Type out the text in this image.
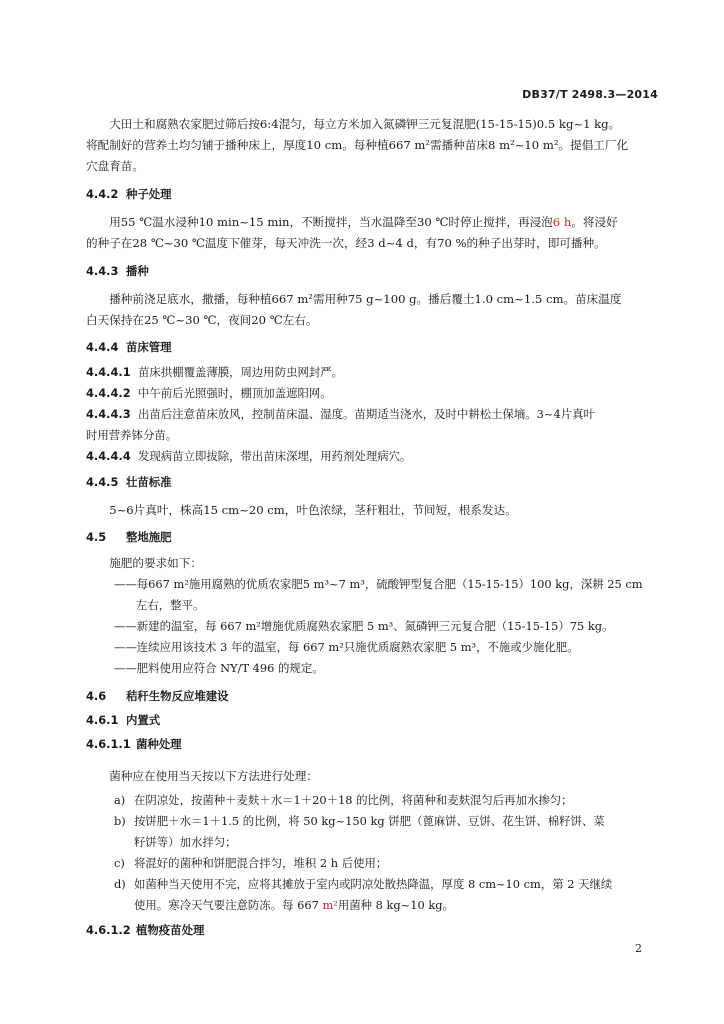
DB37/T 2498.3—2014
大田土和腐熟农家肥过筛后按6:4混匀，每立方米加入氮磷钾三元复混肥(15-15-15)0.5 kg~1 kg。
将配制好的营养土均匀铺于播种床上，厚度10 cm。每种植667 m²需播种苗床8 m²~10 m²。提倡工厂化
穴盘育苗。
4.4.2 种子处理
用55 ℃温水浸种10 min~15 min，不断搅拌，当水温降至30 ℃时停止搅拌，再浸泡6 h。将浸好
的种子在28 ℃~30 ℃温度下催芽，每天冲洗一次，经3 d~4 d，有70 %的种子出芽时，即可播种。
4.4.3 播种
播种前浇足底水，撒播，每种植667 m²需用种75 g~100 g。播后覆土1.0 cm~1.5 cm。苗床温度
白天保持在25 ℃~30 ℃，夜间20 ℃左右。
4.4.4 苗床管理
4.4.4.1 苗床拱棚覆盖薄膜，周边用防虫网封严。
4.4.4.2 中午前后光照强时，棚顶加盖遮阳网。
4.4.4.3 出苗后注意苗床放风，控制苗床温、湿度。苗期适当浇水，及时中耕松土保墒。3~4片真叶
时用营养钵分苗。
4.4.4.4 发现病苗立即拔除，带出苗床深埋，用药剂处理病穴。
4.4.5 壮苗标准
5~6片真叶，株高15 cm~20 cm，叶色浓绿，茎秆粗壮，节间短，根系发达。
4.5 整地施肥
施肥的要求如下：
——每667 m²施用腐熟的优质农家肥5 m³~7 m³，硫酸钾型复合肥（15-15-15）100 kg，深耕 25 cm
左右，整平。
——新建的温室，每 667 m²增施优质腐熟农家肥 5 m³、氮磷钾三元复合肥（15-15-15）75 kg。
——连续应用该技术 3 年的温室，每 667 m²只施优质腐熟农家肥 5 m³，不施或少施化肥。
——肥料使用应符合 NY/T 496 的规定。
4.6 秸秆生物反应堆建设
4.6.1 内置式
4.6.1.1 菌种处理
菌种应在使用当天按以下方法进行处理：
a) 在阴凉处，按菌种＋麦麸＋水＝1＋20＋18 的比例，将菌种和麦麸混匀后再加水掺匀；
b) 按饼肥＋水＝1＋1.5 的比例，将 50 kg~150 kg 饼肥（蓖麻饼、豆饼、花生饼、棉籽饼、菜
籽饼等）加水拌匀；
c) 将混好的菌种和饼肥混合拌匀，堆积 2 h 后使用；
d) 如菌种当天使用不完，应将其摊放于室内或阴凉处散热降温，厚度 8 cm~10 cm，第 2 天继续
使用。寒冷天气要注意防冻。每 667 m²用菌种 8 kg~10 kg。
4.6.1.2 植物疫苗处理
2
